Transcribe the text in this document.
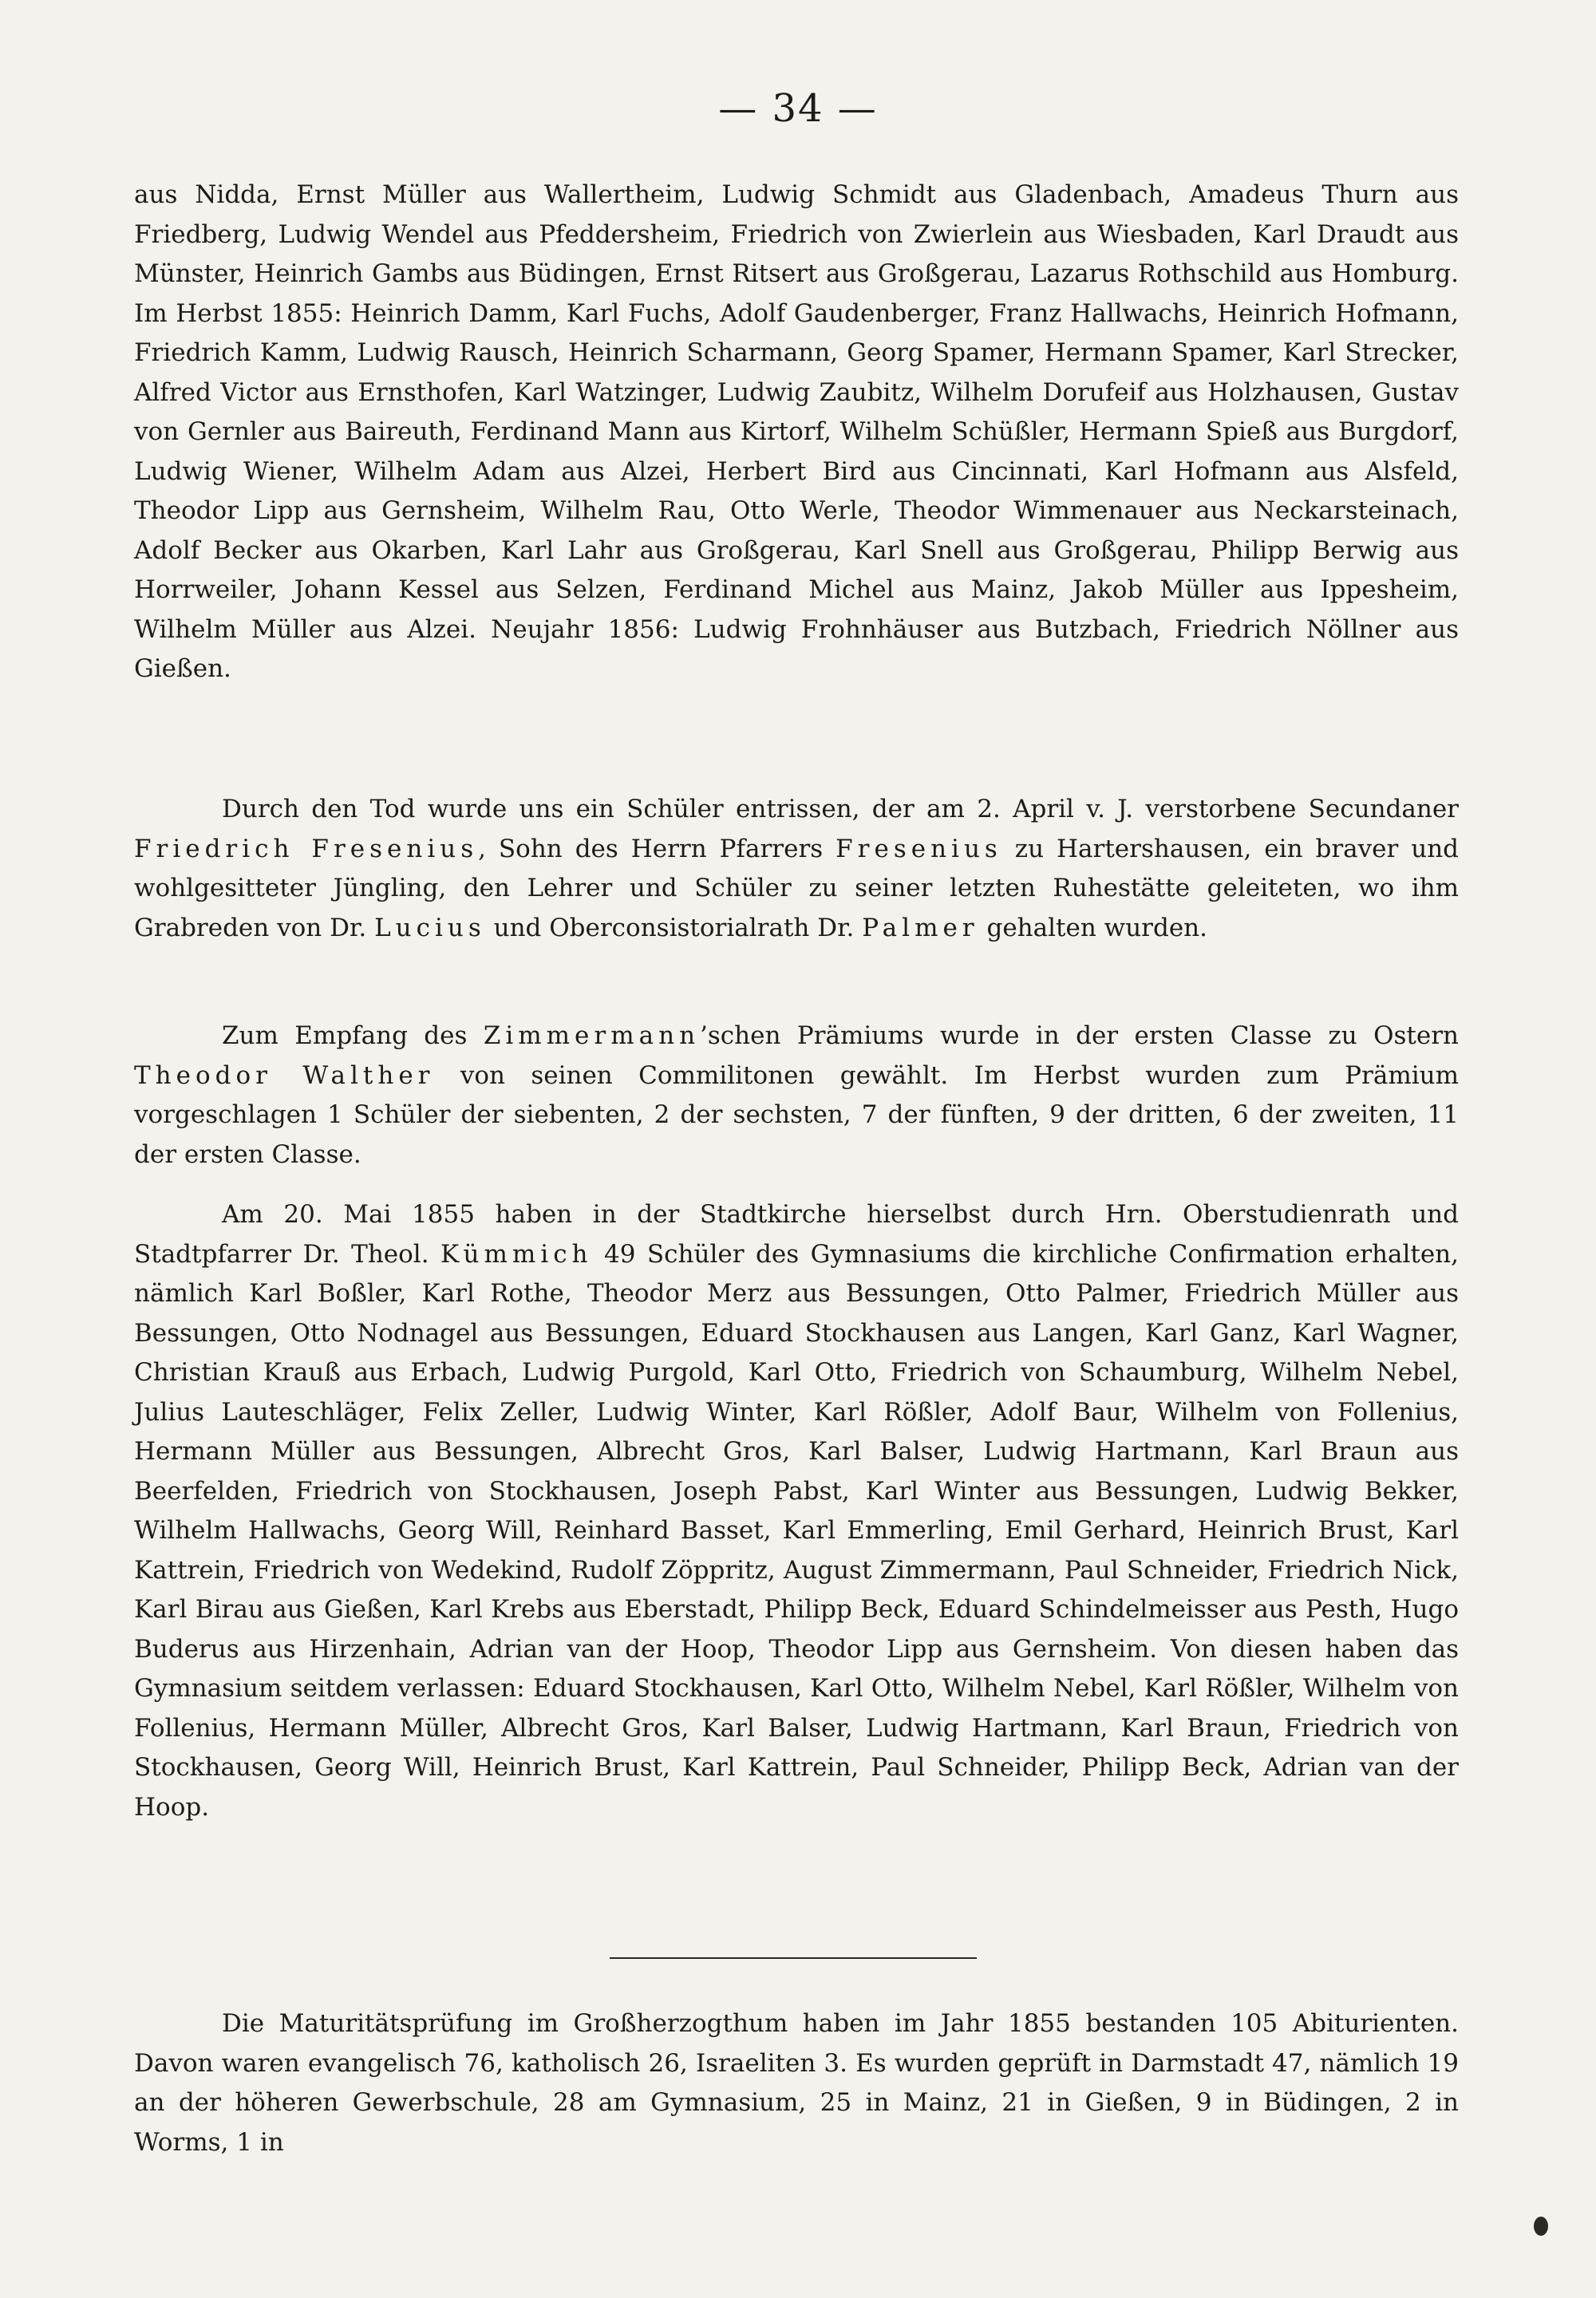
— 34 —

aus Nidda, Ernst Müller aus Wallertheim, Ludwig Schmidt aus Gladenbach, Amadeus Thurn aus Friedberg, Ludwig Wendel aus Pfeddersheim, Friedrich von Zwierlein aus Wiesbaden, Karl Draudt aus Münster, Heinrich Gambs aus Büdingen, Ernst Ritsert aus Großgerau, Lazarus Rothschild aus Homburg. Im Herbst 1855: Heinrich Damm, Karl Fuchs, Adolf Gaudenberger, Franz Hallwachs, Heinrich Hofmann, Friedrich Kamm, Ludwig Rausch, Heinrich Scharmann, Georg Spamer, Hermann Spamer, Karl Strecker, Alfred Victor aus Ernsthofen, Karl Watzinger, Ludwig Zaubitz, Wilhelm Dorufeif aus Holzhausen, Gustav von Gernler aus Baireuth, Ferdinand Mann aus Kirtorf, Wilhelm Schüßler, Hermann Spieß aus Burgdorf, Ludwig Wiener, Wilhelm Adam aus Alzei, Herbert Bird aus Cincinnati, Karl Hofmann aus Alsfeld, Theodor Lipp aus Gernsheim, Wilhelm Rau, Otto Werle, Theodor Wimmenauer aus Neckarsteinach, Adolf Becker aus Okarben, Karl Lahr aus Großgerau, Karl Snell aus Großgerau, Philipp Berwig aus Horrweiler, Johann Kessel aus Selzen, Ferdinand Michel aus Mainz, Jakob Müller aus Ippesheim, Wilhelm Müller aus Alzei. Neujahr 1856: Ludwig Frohnhäuser aus Butzbach, Friedrich Nöllner aus Gießen.

Durch den Tod wurde uns ein Schüler entrissen, der am 2. April v. J. verstorbene Secundaner Friedrich Fresenius, Sohn des Herrn Pfarrers Fresenius zu Hartershausen, ein braver und wohlgesitteter Jüngling, den Lehrer und Schüler zu seiner letzten Ruhestätte geleiteten, wo ihm Grabreden von Dr. Lucius und Oberconsistorialrath Dr. Palmer gehalten wurden.

Zum Empfang des Zimmermann’schen Prämiums wurde in der ersten Classe zu Ostern Theodor Walther von seinen Commilitonen gewählt. Im Herbst wurden zum Prämium vorgeschlagen 1 Schüler der siebenten, 2 der sechsten, 7 der fünften, 9 der dritten, 6 der zweiten, 11 der ersten Classe.

Am 20. Mai 1855 haben in der Stadtkirche hierselbst durch Hrn. Oberstudienrath und Stadtpfarrer Dr. Theol. Kümmich 49 Schüler des Gymnasiums die kirchliche Confirmation erhalten, nämlich Karl Boßler, Karl Rothe, Theodor Merz aus Bessungen, Otto Palmer, Friedrich Müller aus Bessungen, Otto Nodnagel aus Bessungen, Eduard Stockhausen aus Langen, Karl Ganz, Karl Wagner, Christian Krauß aus Erbach, Ludwig Purgold, Karl Otto, Friedrich von Schaumburg, Wilhelm Nebel, Julius Lauteschläger, Felix Zeller, Ludwig Winter, Karl Rößler, Adolf Baur, Wilhelm von Follenius, Hermann Müller aus Bessungen, Albrecht Gros, Karl Balser, Ludwig Hartmann, Karl Braun aus Beerfelden, Friedrich von Stockhausen, Joseph Pabst, Karl Winter aus Bessungen, Ludwig Bekker, Wilhelm Hallwachs, Georg Will, Reinhard Basset, Karl Emmerling, Emil Gerhard, Heinrich Brust, Karl Kattrein, Friedrich von Wedekind, Rudolf Zöppritz, August Zimmermann, Paul Schneider, Friedrich Nick, Karl Birau aus Gießen, Karl Krebs aus Eberstadt, Philipp Beck, Eduard Schindelmeisser aus Pesth, Hugo Buderus aus Hirzenhain, Adrian van der Hoop, Theodor Lipp aus Gernsheim. Von diesen haben das Gymnasium seitdem verlassen: Eduard Stockhausen, Karl Otto, Wilhelm Nebel, Karl Rößler, Wilhelm von Follenius, Hermann Müller, Albrecht Gros, Karl Balser, Ludwig Hartmann, Karl Braun, Friedrich von Stockhausen, Georg Will, Heinrich Brust, Karl Kattrein, Paul Schneider, Philipp Beck, Adrian van der Hoop.

Die Maturitätsprüfung im Großherzogthum haben im Jahr 1855 bestanden 105 Abiturienten. Davon waren evangelisch 76, katholisch 26, Israeliten 3. Es wurden geprüft in Darmstadt 47, nämlich 19 an der höheren Gewerbschule, 28 am Gymnasium, 25 in Mainz, 21 in Gießen, 9 in Büdingen, 2 in Worms, 1 in
